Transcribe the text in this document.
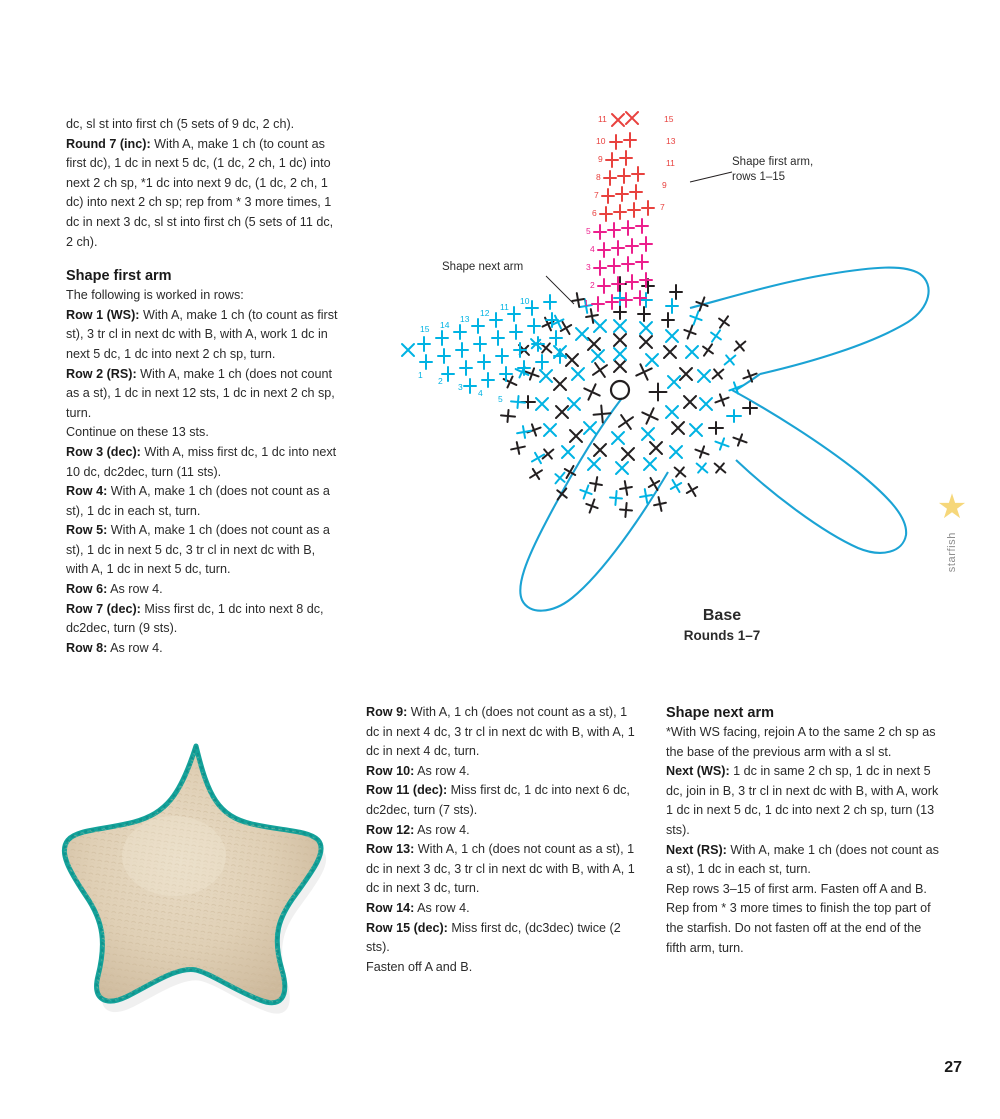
dc, sl st into first ch (5 sets of 9 dc, 2 ch).

Round 7 (inc): With A, make 1 ch (to count as first dc), 1 dc in next 5 dc, (1 dc, 2 ch, 1 dc) into next 2 ch sp, *1 dc into next 9 dc, (1 dc, 2 ch, 1 dc) into next 2 ch sp; rep from * 3 more times, 1 dc in next 3 dc, sl st into first ch (5 sets of 11 dc, 2 ch).

Shape first arm

The following is worked in rows:

Row 1 (WS): With A, make 1 ch (to count as first st), 3 tr cl in next dc with B, with A, work 1 dc in next 5 dc, 1 dc into next 2 ch sp, turn.

Row 2 (RS): With A, make 1 ch (does not count as a st), 1 dc in next 12 sts, 1 dc in next 2 ch sp, turn.

Continue on these 13 sts.

Row 3 (dec): With A, miss first dc, 1 dc into next 10 dc, dc2dec, turn (11 sts).

Row 4: With A, make 1 ch (does not count as a st), 1 dc in each st, turn.

Row 5: With A, make 1 ch (does not count as a st), 1 dc in next 5 dc, 3 tr cl in next dc with B, with A, 1 dc in next 5 dc, turn.

Row 6: As row 4.

Row 7 (dec): Miss first dc, 1 dc into next 8 dc, dc2dec, turn (9 sts).

Row 8: As row 4.

Row 9: With A, 1 ch (does not count as a st), 1 dc in next 4 dc, 3 tr cl in next dc with B, with A, 1 dc in next 4 dc, turn.

Row 10: As row 4.

Row 11 (dec): Miss first dc, 1 dc into next 6 dc, dc2dec, turn (7 sts).

Row 12: As row 4.

Row 13: With A, 1 ch (does not count as a st), 1 dc in next 3 dc, 3 tr cl in next dc with B, with A, 1 dc in next 3 dc, turn.

Row 14: As row 4.

Row 15 (dec): Miss first dc, (dc3dec) twice (2 sts).

Fasten off A and B.

Shape next arm

*With WS facing, rejoin A to the same 2 ch sp as the base of the previous arm with a sl st.

Next (WS): 1 dc in same 2 ch sp, 1 dc in next 5 dc, join in B, 3 tr cl in next dc with B, with A, work 1 dc in next 5 dc, 1 dc into next 2 ch sp, turn (13 sts).

Next (RS): With A, make 1 ch (does not count as a st), 1 dc in each st, turn.

Rep rows 3–15 of first arm. Fasten off A and B.

Rep from * 3 more times to finish the top part of the starfish. Do not fasten off at the end of the fifth arm, turn.

1
2
3
4
5
6
7
8
9
10
11
7
9
11
13
15
15 14
13
12
11
10
1
2
3
4
5
Shape first arm,
rows 1–15
Shape next arm
Base
Rounds 1–7
★
starfish
27
